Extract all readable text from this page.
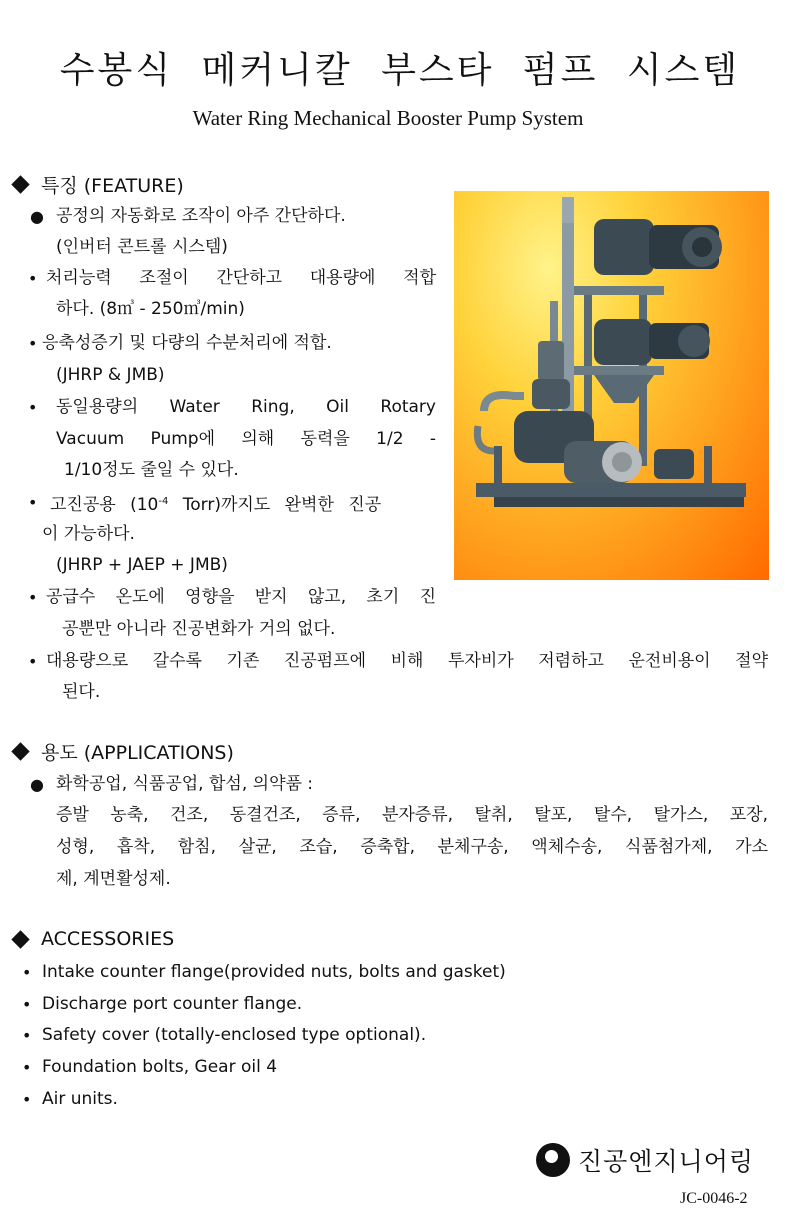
수봉식 메커니칼 부스타 펌프 시스템
Water Ring Mechanical Booster Pump System
특징 (FEATURE)
● 공정의 자동화로 조작이 아주 간단하다.
(인버터 콘트롤 시스템)
• 처리능력 조절이 간단하고 대용량에 적합
하다. (8㎥ - 250㎥/min)
• 응축성증기 및 다량의 수분처리에 적합.
(JHRP & JMB)
• 동일용량의 Water Ring, Oil Rotary
Vacuum Pump에 의해 동력을 1/2 -
1/10정도 줄일 수 있다.
• 고진공용 ($10^{-4}$ Torr)까지도 완벽한 진공
이 가능하다.
(JHRP + JAEP + JMB)
• 공급수 온도에 영향을 받지 않고, 초기 진
공뿐만 아니라 진공변화가 거의 없다.
• 대용량으로 갈수록 기존 진공펌프에 비해 투자비가 저렴하고 운전비용이 절약
된다.
용도 (APPLICATIONS)
● 화학공업, 식품공업, 합섬, 의약품 :
증발 농축, 건조, 동결건조, 증류, 분자증류, 탈취, 탈포, 탈수, 탈가스, 포장,
성형, 흡착, 함침, 살균, 조습, 증축합, 분체구송, 액체수송, 식품첨가제, 가소
제, 계면활성제.
ACCESSORIES
• Intake counter flange(provided nuts, bolts and gasket)
• Discharge port counter flange.
• Safety cover (totally-enclosed type optional).
• Foundation bolts, Gear oil 4
• Air units.
진공엔지니어링
JC-0046-2
